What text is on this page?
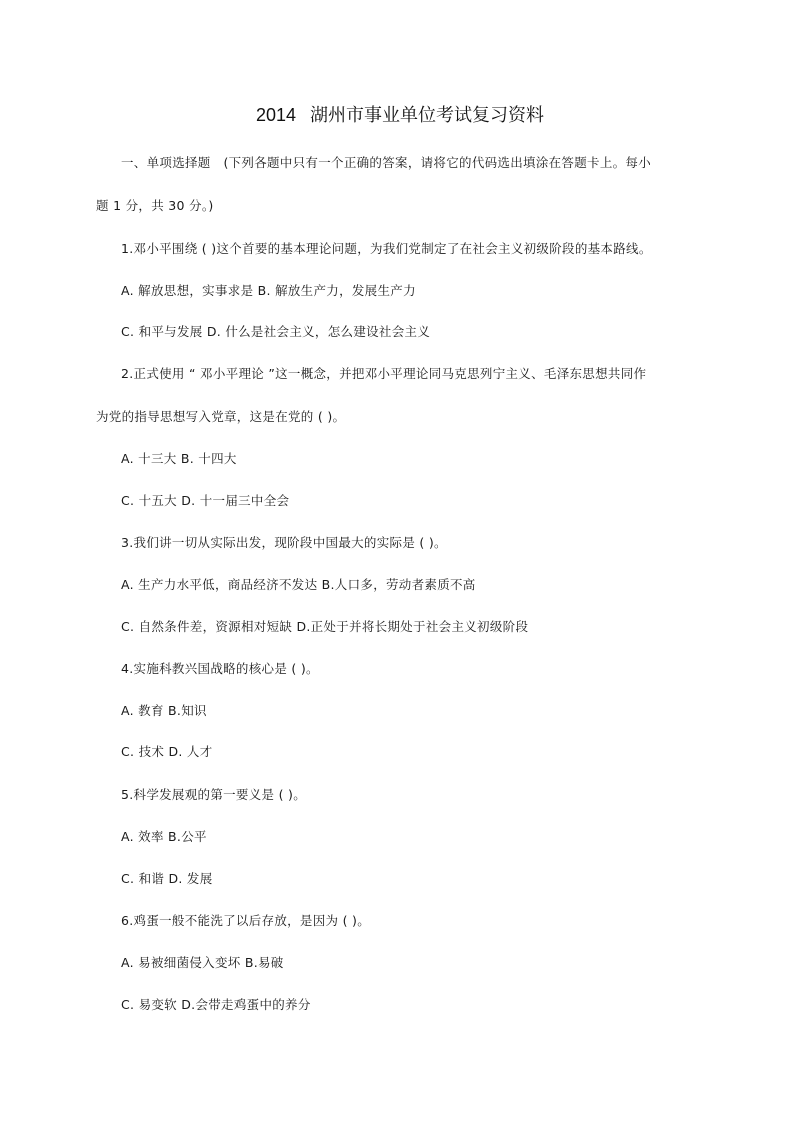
2014 湖州市事业单位考试复习资料
一、单项选择题 (下列各题中只有一个正确的答案，请将它的代码选出填涂在答题卡上。每小
题 1 分，共 30 分。)
1.邓小平围绕 ( )这个首要的基本理论问题，为我们党制定了在社会主义初级阶段的基本路线。
A. 解放思想，实事求是 B. 解放生产力，发展生产力
C. 和平与发展 D. 什么是社会主义，怎么建设社会主义
2.正式使用 “ 邓小平理论 ”这一概念，并把邓小平理论同马克思列宁主义、毛泽东思想共同作
为党的指导思想写入党章，这是在党的 ( )。
A. 十三大 B. 十四大
C. 十五大 D. 十一届三中全会
3.我们讲一切从实际出发，现阶段中国最大的实际是 ( )。
A. 生产力水平低，商品经济不发达 B.人口多，劳动者素质不高
C. 自然条件差，资源相对短缺 D.正处于并将长期处于社会主义初级阶段
4.实施科教兴国战略的核心是 ( )。
A. 教育 B.知识
C. 技术 D. 人才
5.科学发展观的第一要义是 ( )。
A. 效率 B.公平
C. 和谐 D. 发展
6.鸡蛋一般不能洗了以后存放，是因为 ( )。
A. 易被细菌侵入变坏 B.易破
C. 易变软 D.会带走鸡蛋中的养分
